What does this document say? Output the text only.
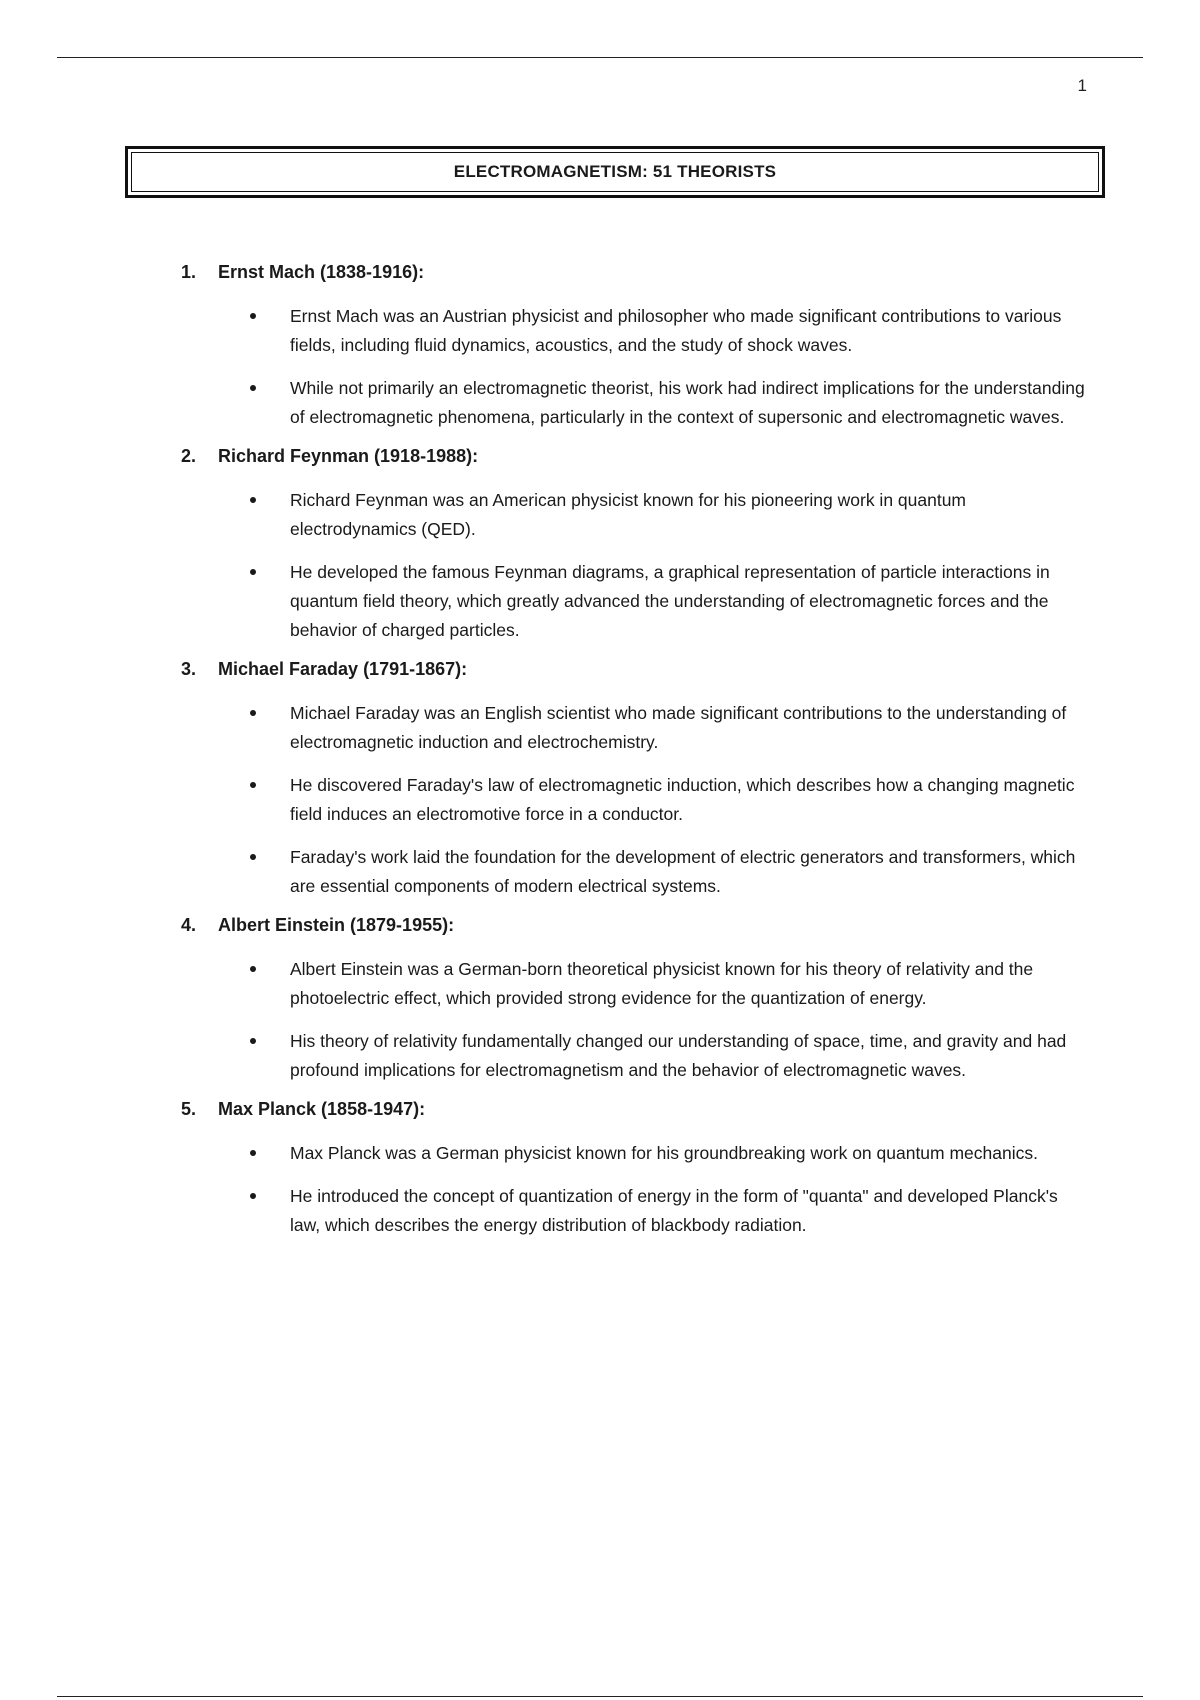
1
ELECTROMAGNETISM: 51 THEORISTS
1. Ernst Mach (1838-1916):
Ernst Mach was an Austrian physicist and philosopher who made significant contributions to various fields, including fluid dynamics, acoustics, and the study of shock waves.
While not primarily an electromagnetic theorist, his work had indirect implications for the understanding of electromagnetic phenomena, particularly in the context of supersonic and electromagnetic waves.
2. Richard Feynman (1918-1988):
Richard Feynman was an American physicist known for his pioneering work in quantum electrodynamics (QED).
He developed the famous Feynman diagrams, a graphical representation of particle interactions in quantum field theory, which greatly advanced the understanding of electromagnetic forces and the behavior of charged particles.
3. Michael Faraday (1791-1867):
Michael Faraday was an English scientist who made significant contributions to the understanding of electromagnetic induction and electrochemistry.
He discovered Faraday's law of electromagnetic induction, which describes how a changing magnetic field induces an electromotive force in a conductor.
Faraday's work laid the foundation for the development of electric generators and transformers, which are essential components of modern electrical systems.
4. Albert Einstein (1879-1955):
Albert Einstein was a German-born theoretical physicist known for his theory of relativity and the photoelectric effect, which provided strong evidence for the quantization of energy.
His theory of relativity fundamentally changed our understanding of space, time, and gravity and had profound implications for electromagnetism and the behavior of electromagnetic waves.
5. Max Planck (1858-1947):
Max Planck was a German physicist known for his groundbreaking work on quantum mechanics.
He introduced the concept of quantization of energy in the form of "quanta" and developed Planck's law, which describes the energy distribution of blackbody radiation.
